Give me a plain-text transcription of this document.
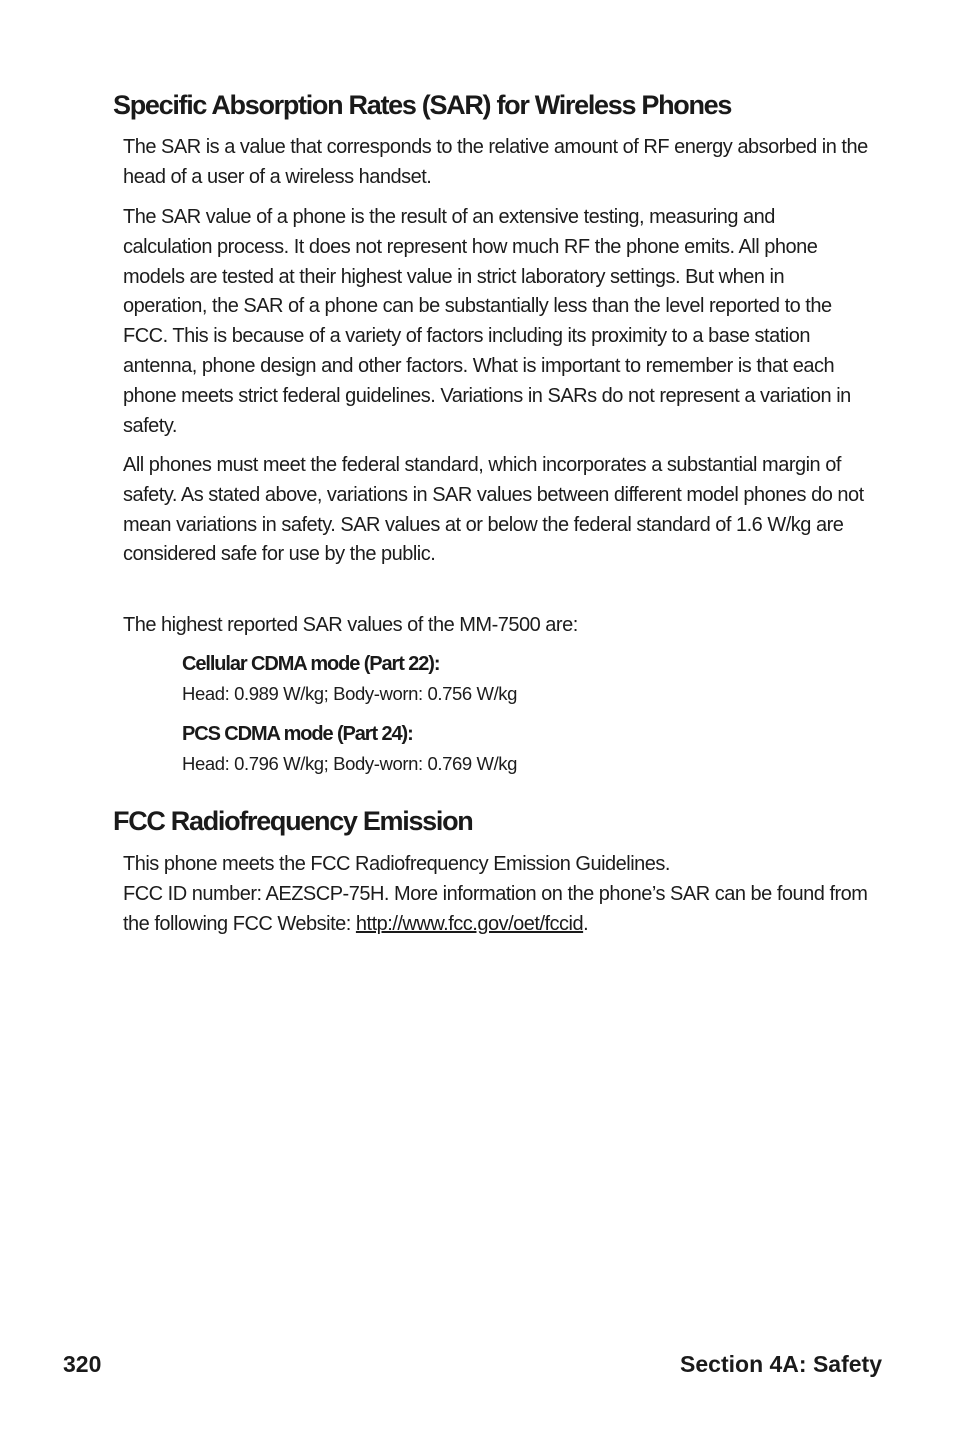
Specific Absorption Rates (SAR) for Wireless Phones

The SAR is a value that corresponds to the relative amount of RF energy absorbed in the head of a user of a wireless handset.

The SAR value of a phone is the result of an extensive testing, measuring and calculation process. It does not represent how much RF the phone emits. All phone models are tested at their highest value in strict laboratory settings. But when in operation, the SAR of a phone can be substantially less than the level reported to the FCC. This is because of a variety of factors including its proximity to a base station antenna, phone design and other factors. What is important to remember is that each phone meets strict federal guidelines. Variations in SARs do not represent a variation in safety.

All phones must meet the federal standard, which incorporates a substantial margin of safety. As stated above, variations in SAR values between different model phones do not mean variations in safety. SAR values at or below the federal standard of 1.6 W/kg are considered safe for use by the public.

The highest reported SAR values of the MM-7500 are:

Cellular CDMA mode (Part 22):

Head: 0.989 W/kg; Body-worn: 0.756 W/kg

PCS CDMA mode (Part 24):

Head: 0.796 W/kg; Body-worn: 0.769 W/kg

FCC Radiofrequency Emission

This phone meets the FCC Radiofrequency Emission Guidelines.

FCC ID number: AEZSCP-75H. More information on the phone’s SAR can be found from the following FCC Website: http://www.fcc.gov/oet/fccid.

320	Section 4A: Safety
